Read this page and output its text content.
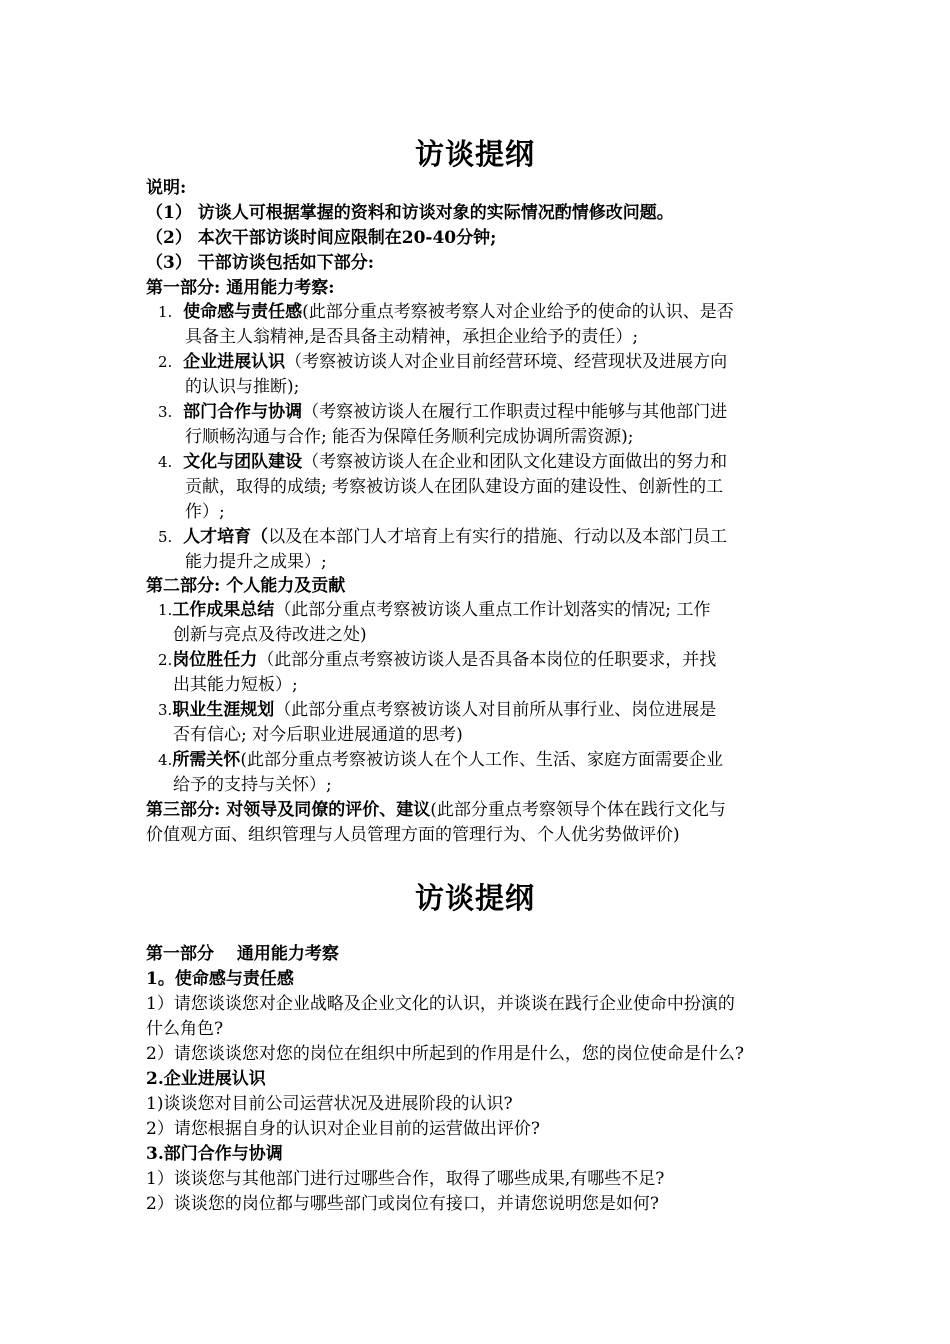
访谈提纲
说明:
（1） 访谈人可根据掌握的资料和访谈对象的实际情况酌情修改问题。
（2） 本次干部访谈时间应限制在20-40分钟;
（3） 干部访谈包括如下部分:
第一部分: 通用能力考察:
1. 使命感与责任感(此部分重点考察被考察人对企业给予的使命的认识、是否
具备主人翁精神,是否具备主动精神，承担企业给予的责任）;
2. 企业进展认识（考察被访谈人对企业目前经营环境、经营现状及进展方向
的认识与推断);
3. 部门合作与协调（考察被访谈人在履行工作职责过程中能够与其他部门进
行顺畅沟通与合作; 能否为保障任务顺利完成协调所需资源);
4. 文化与团队建设（考察被访谈人在企业和团队文化建设方面做出的努力和
贡献，取得的成绩; 考察被访谈人在团队建设方面的建设性、创新性的工
作）;
5. 人才培育（以及在本部门人才培育上有实行的措施、行动以及本部门员工
能力提升之成果）;
第二部分: 个人能力及贡献
1.工作成果总结（此部分重点考察被访谈人重点工作计划落实的情况; 工作
创新与亮点及待改进之处)
2.岗位胜任力（此部分重点考察被访谈人是否具备本岗位的任职要求，并找
出其能力短板）;
3.职业生涯规划（此部分重点考察被访谈人对目前所从事行业、岗位进展是
否有信心; 对今后职业进展通道的思考)
4.所需关怀(此部分重点考察被访谈人在个人工作、生活、家庭方面需要企业
给予的支持与关怀）;
第三部分: 对领导及同僚的评价、建议(此部分重点考察领导个体在践行文化与
价值观方面、组织管理与人员管理方面的管理行为、个人优劣势做评价)
访谈提纲
第一部分　 通用能力考察
1。使命感与责任感
1）请您谈谈您对企业战略及企业文化的认识，并谈谈在践行企业使命中扮演的
什么角色?
2）请您谈谈您对您的岗位在组织中所起到的作用是什么，您的岗位使命是什么?
2.企业进展认识
1)谈谈您对目前公司运营状况及进展阶段的认识?
2）请您根据自身的认识对企业目前的运营做出评价?
3.部门合作与协调
1）谈谈您与其他部门进行过哪些合作，取得了哪些成果,有哪些不足?
2）谈谈您的岗位都与哪些部门或岗位有接口，并请您说明您是如何?
